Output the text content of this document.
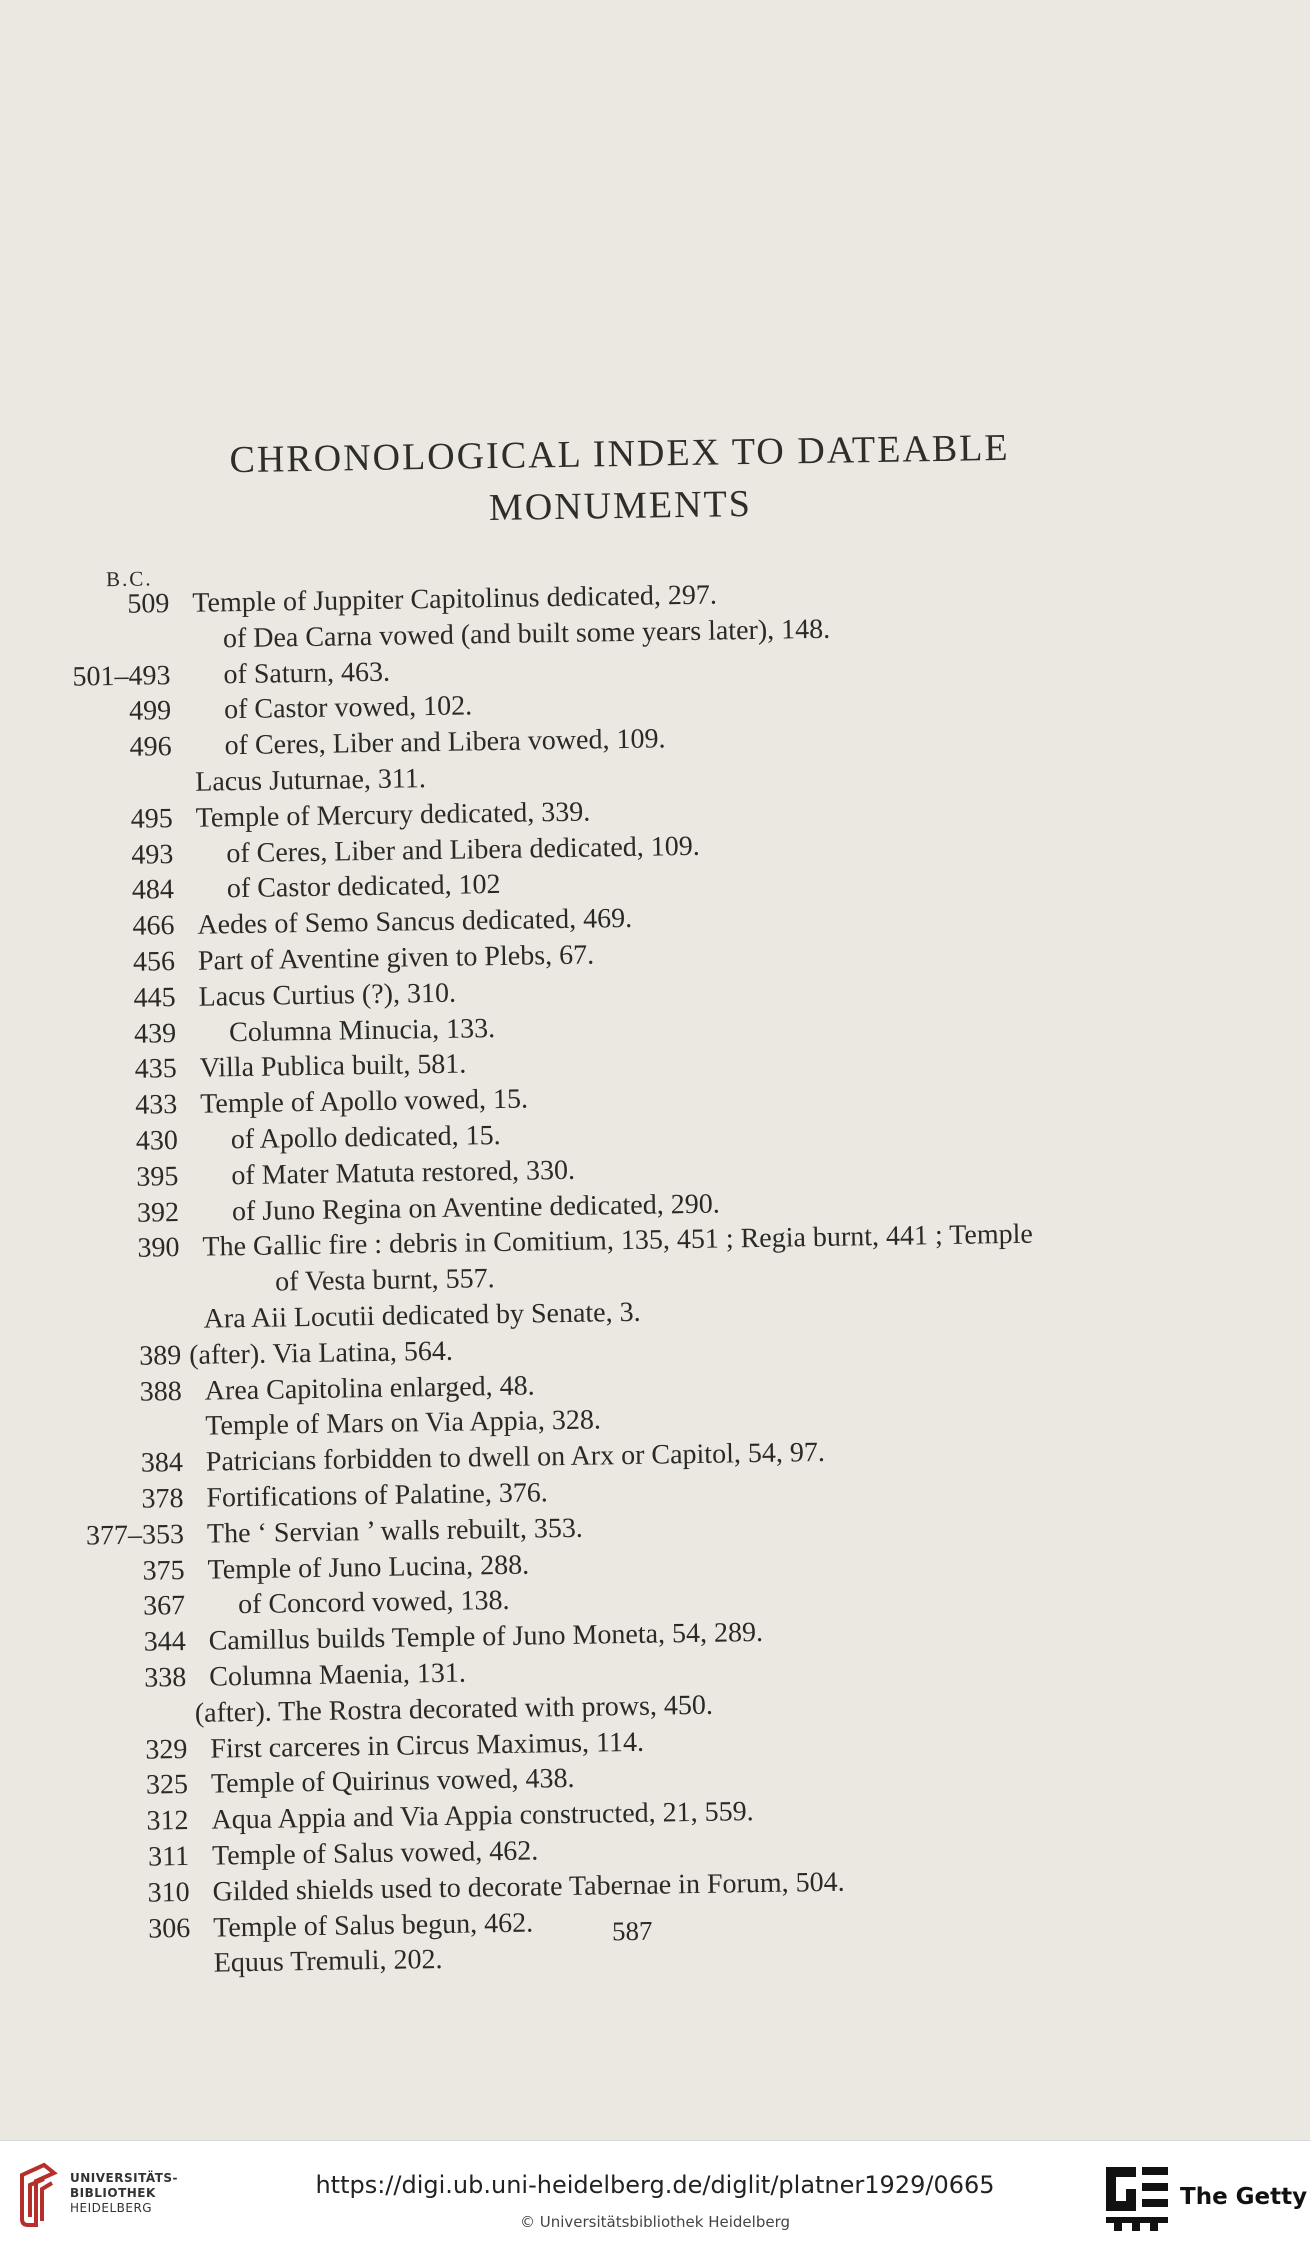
CHRONOLOGICAL INDEX TO DATEABLE
MONUMENTS
B.C.
509 Temple of Juppiter Capitolinus dedicated, 297.
of Dea Carna vowed (and built some years later), 148.
501–493 of Saturn, 463.
499 of Castor vowed, 102.
496 of Ceres, Liber and Libera vowed, 109.
Lacus Juturnae, 311.
495 Temple of Mercury dedicated, 339.
493 of Ceres, Liber and Libera dedicated, 109.
484 of Castor dedicated, 102
466 Aedes of Semo Sancus dedicated, 469.
456 Part of Aventine given to Plebs, 67.
445 Lacus Curtius (?), 310.
439 Columna Minucia, 133.
435 Villa Publica built, 581.
433 Temple of Apollo vowed, 15.
430 of Apollo dedicated, 15.
395 of Mater Matuta restored, 330.
392 of Juno Regina on Aventine dedicated, 290.
390 The Gallic fire : debris in Comitium, 135, 451 ; Regia burnt, 441 ; Temple
of Vesta burnt, 557.
Ara Aii Locutii dedicated by Senate, 3.
389 (after). Via Latina, 564.
388 Area Capitolina enlarged, 48.
Temple of Mars on Via Appia, 328.
384 Patricians forbidden to dwell on Arx or Capitol, 54, 97.
378 Fortifications of Palatine, 376.
377–353 The ‘ Servian ’ walls rebuilt, 353.
375 Temple of Juno Lucina, 288.
367 of Concord vowed, 138.
344 Camillus builds Temple of Juno Moneta, 54, 289.
338 Columna Maenia, 131.
(after). The Rostra decorated with prows, 450.
329 First carceres in Circus Maximus, 114.
325 Temple of Quirinus vowed, 438.
312 Aqua Appia and Via Appia constructed, 21, 559.
311 Temple of Salus vowed, 462.
310 Gilded shields used to decorate Tabernae in Forum, 504.
306 Temple of Salus begun, 462.
Equus Tremuli, 202.
587
UNIVERSITÄTS-
BIBLIOTHEK
HEIDELBERG
https://digi.ub.uni-heidelberg.de/diglit/platner1929/0665
© Universitätsbibliothek Heidelberg
The Getty
